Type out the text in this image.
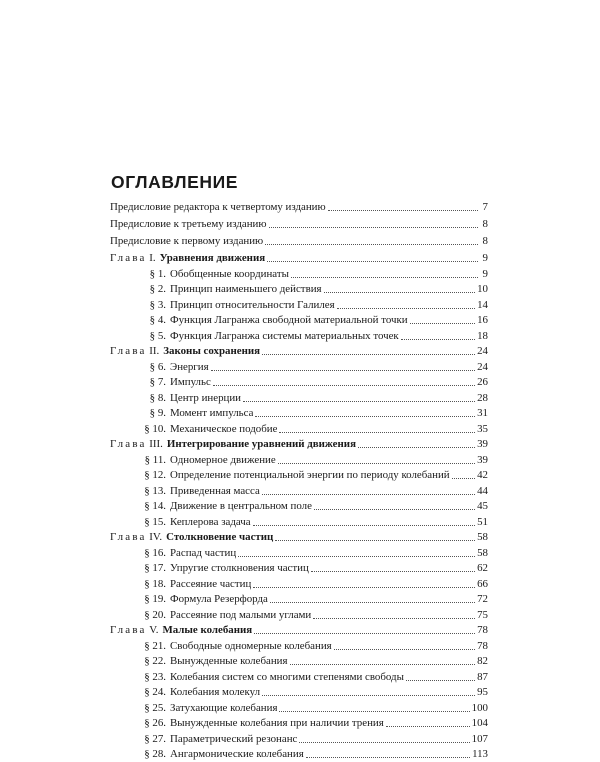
ОГЛАВЛЕНИЕ
Предисловие редактора к четвертому изданию	7
Предисловие к третьему изданию	8
Предисловие к первому изданию	8
Глава I. Уравнения движения	9
§ 1. Обобщенные координаты	9
§ 2. Принцип наименьшего действия	10
§ 3. Принцип относительности Галилея	14
§ 4. Функция Лагранжа свободной материальной точки	16
§ 5. Функция Лагранжа системы материальных точек	18
Глава II. Законы сохранения	24
§ 6. Энергия	24
§ 7. Импульс	26
§ 8. Центр инерции	28
§ 9. Момент импульса	31
§ 10. Механическое подобие	35
Глава III. Интегрирование уравнений движения	39
§ 11. Одномерное движение	39
§ 12. Определение потенциальной энергии по периоду колебаний	42
§ 13. Приведенная масса	44
§ 14. Движение в центральном поле	45
§ 15. Кеплерова задача	51
Глава IV. Столкновение частиц	58
§ 16. Распад частиц	58
§ 17. Упругие столкновения частиц	62
§ 18. Рассеяние частиц	66
§ 19. Формула Резерфорда	72
§ 20. Рассеяние под малыми углами	75
Глава V. Малые колебания	78
§ 21. Свободные одномерные колебания	78
§ 22. Вынужденные колебания	82
§ 23. Колебания систем со многими степенями свободы	87
§ 24. Колебания молекул	95
§ 25. Затухающие колебания	100
§ 26. Вынужденные колебания при наличии трения	104
§ 27. Параметрический резонанс	107
§ 28. Ангармонические колебания	113
